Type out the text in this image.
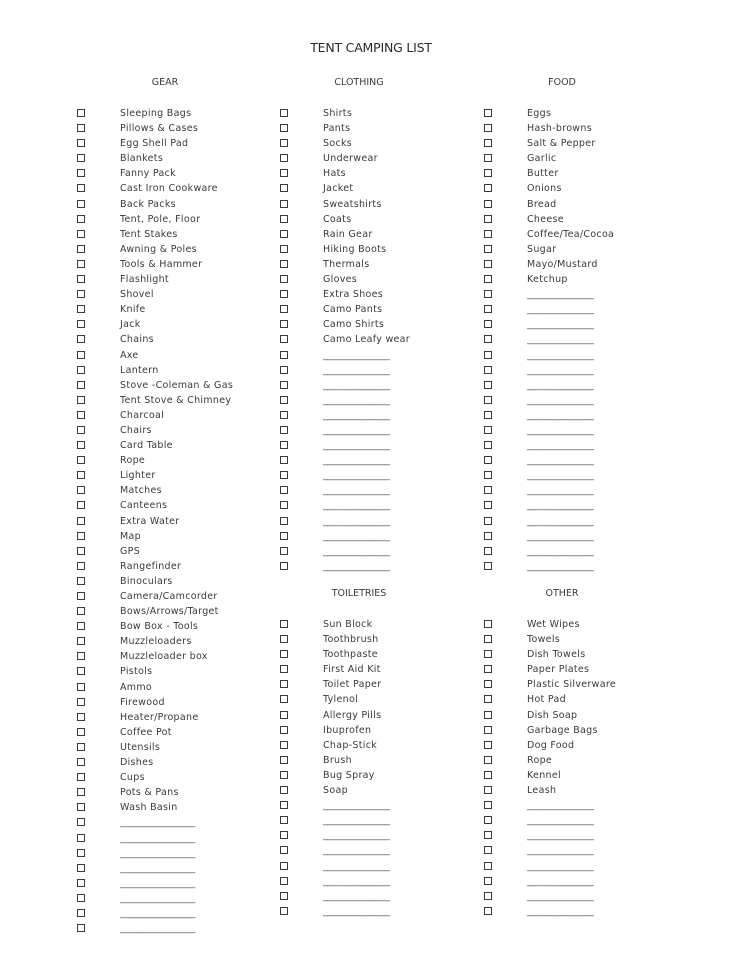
TENT CAMPING LIST
GEAR
Sleeping Bags
Pillows & Cases
Egg Shell Pad
Blankets
Fanny Pack
Cast Iron Cookware
Back Packs
Tent, Pole, Floor
Tent Stakes
Awning & Poles
Tools & Hammer
Flashlight
Shovel
Knife
Jack
Chains
Axe
Lantern
Stove -Coleman & Gas
Tent Stove & Chimney
Charcoal
Chairs
Card Table
Rope
Lighter
Matches
Canteens
Extra Water
Map
GPS
Rangefinder
Binoculars
Camera/Camcorder
Bows/Arrows/Target
Bow Box - Tools
Muzzleloaders
Muzzleloader box
Pistols
Ammo
Firewood
Heater/Propane
Coffee Pot
Utensils
Dishes
Cups
Pots & Pans
Wash Basin
__________________
__________________
__________________
__________________
__________________
__________________
__________________
__________________
CLOTHING
Shirts
Pants
Socks
Underwear
Hats
Jacket
Sweatshirts
Coats
Rain Gear
Hiking Boots
Thermals
Gloves
Extra Shoes
Camo Pants
Camo Shirts
Camo Leafy wear
________________
________________
________________
________________
________________
________________
________________
________________
________________
________________
________________
________________
________________
________________
________________
FOOD
Eggs
Hash-browns
Salt & Pepper
Garlic
Butter
Onions
Bread
Cheese
Coffee/Tea/Cocoa
Sugar
Mayo/Mustard
Ketchup
________________
________________
________________
________________
________________
________________
________________
________________
________________
________________
________________
________________
________________
________________
________________
________________
________________
________________
________________
TOILETRIES
Sun Block
Toothbrush
Toothpaste
First Aid Kit
Toilet Paper
Tylenol
Allergy Pills
Ibuprofen
Chap-Stick
Brush
Bug Spray
Soap
________________
________________
________________
________________
________________
________________
________________
________________
OTHER
Wet Wipes
Towels
Dish Towels
Paper Plates
Plastic Silverware
Hot Pad
Dish Soap
Garbage Bags
Dog Food
Rope
Kennel
Leash
________________
________________
________________
________________
________________
________________
________________
________________
